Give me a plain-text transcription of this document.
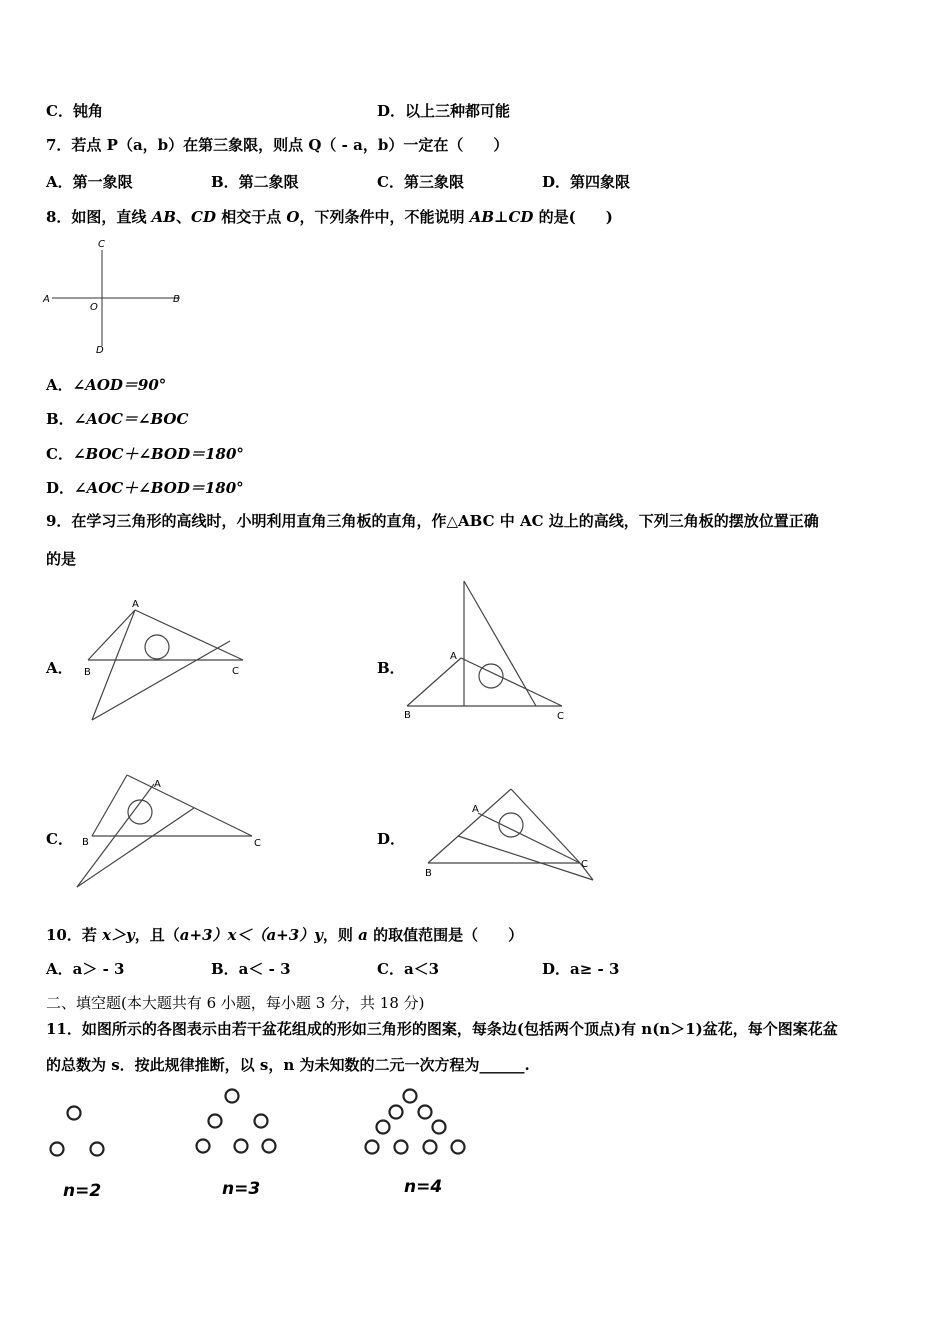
C．钝角	D．以上三种都可能
7．若点 P（a，b）在第三象限，则点 Q（ - a，b）一定在（　　）
A．第一象限	B．第二象限	C．第三象限	D．第四象限
8．如图，直线 AB、CD 相交于点 O，下列条件中，不能说明 AB⊥CD 的是(　　)
A	B
C
D
O
A．∠AOD＝90°
B．∠AOC＝∠BOC
C．∠BOC＋∠BOD＝180°
D．∠AOC＋∠BOD＝180°
9．在学习三角形的高线时，小明利用直角三角板的直角，作△ABC 中 AC 边上的高线，下列三角板的摆放位置正确
的是
A．
A
B	C	B．
A
B	C
C．
A
B	C	D．
A
B
C
10．若 x＞y，且（a+3）x＜（a+3）y，则 a 的取值范围是（　　）
A．a＞ - 3	B．a＜ - 3	C．a＜3	D．a≥ - 3
二、填空题(本大题共有 6 小题，每小题 3 分，共 18 分)
11．如图所示的各图表示由若干盆花组成的形如三角形的图案，每条边(包括两个顶点)有 n(n＞1)盆花，每个图案花盆
的总数为 s．按此规律推断，以 s，n 为未知数的二元一次方程为______.
n=2	n=3	n=4
